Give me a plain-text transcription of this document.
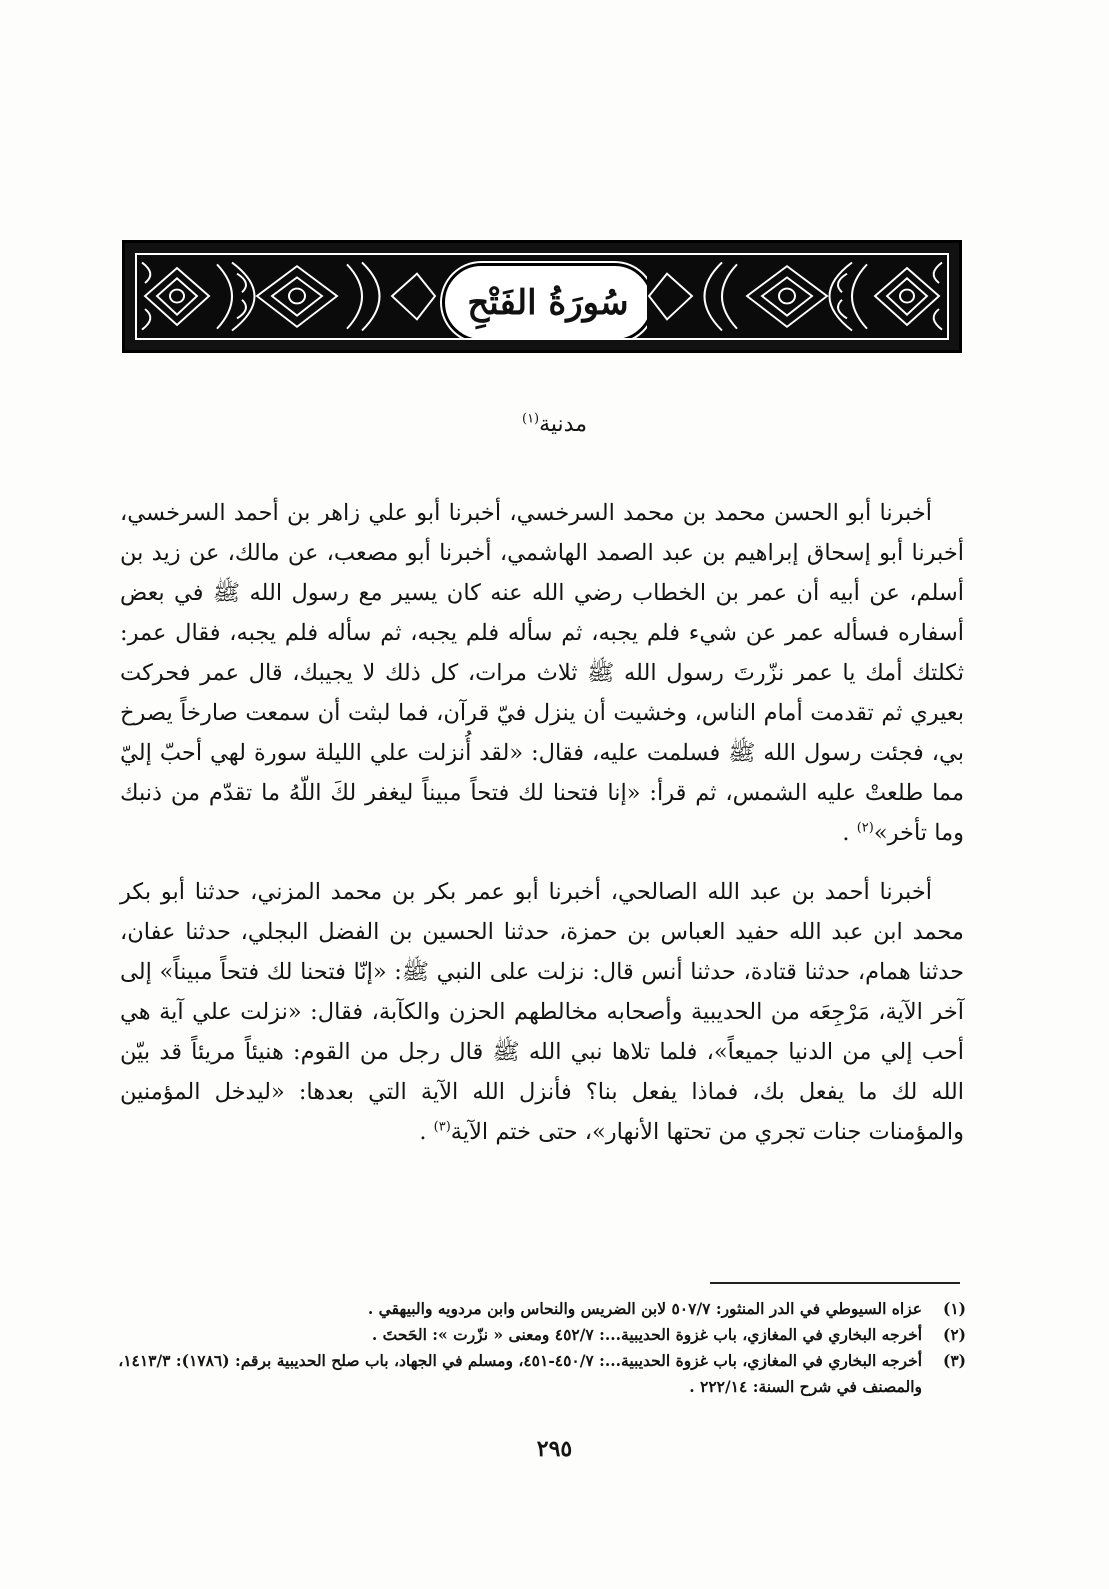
سُورَةُ الفَتْحِ
مدنية$^{(١)}$

أخبرنا أبو الحسن محمد بن محمد السرخسي، أخبرنا أبو علي زاهر بن أحمد السرخسي، أخبرنا أبو إسحاق إبراهيم بن عبد الصمد الهاشمي، أخبرنا أبو مصعب، عن مالك، عن زيد بن أسلم، عن أبيه أن عمر بن الخطاب رضي الله عنه كان يسير مع رسول الله ﷺ في بعض أسفاره فسأله عمر عن شيء فلم يجبه، ثم سأله فلم يجبه، ثم سأله فلم يجبه، فقال عمر: ثكلتك أمك يا عمر نزّرتَ رسول الله ﷺ ثلاث مرات، كل ذلك لا يجيبك، قال عمر فحركت بعيري ثم تقدمت أمام الناس، وخشيت أن ينزل فيّ قرآن، فما لبثت أن سمعت صارخاً يصرخ بي، فجئت رسول الله ﷺ فسلمت عليه، فقال: «لقد أُنزلت علي الليلة سورة لهي أحبّ إليّ مما طلعتْ عليه الشمس، ثم قرأ: «إنا فتحنا لك فتحاً مبيناً ليغفر لكَ اللّهُ ما تقدّم من ذنبك وما تأخر»$^{(٢)}$ .

أخبرنا أحمد بن عبد الله الصالحي، أخبرنا أبو عمر بكر بن محمد المزني، حدثنا أبو بكر محمد ابن عبد الله حفيد العباس بن حمزة، حدثنا الحسين بن الفضل البجلي، حدثنا عفان، حدثنا همام، حدثنا قتادة، حدثنا أنس قال: نزلت على النبي ﷺ: «إنّا فتحنا لك فتحاً مبيناً» إلى آخر الآية، مَرْجِعَه من الحديبية وأصحابه مخالطهم الحزن والكآبة، فقال: «نزلت علي آية هي أحب إلي من الدنيا جميعاً»، فلما تلاها نبي الله ﷺ قال رجل من القوم: هنيئاً مريئاً قد بيّن الله لك ما يفعل بك، فماذا يفعل بنا؟ فأنزل الله الآية التي بعدها: «ليدخل المؤمنين والمؤمنات جنات تجري من تحتها الأنهار»، حتى ختم الآية$^{(٣)}$ .

(١)
عزاه السيوطي في الدر المنثور: ٥٠٧/٧ لابن الضريس والنحاس وابن مردويه والبيهقي .
(٢)
أخرجه البخاري في المغازي، باب غزوة الحديبية...: ٤٥٢/٧ ومعنى « نزّرت »: الحَحتَ .
(٣)
أخرجه البخاري في المغازي، باب غزوة الحديبية...: ٤٥٠/٧-٤٥١، ومسلم في الجهاد، باب صلح الحديبية برقم: (١٧٨٦): ١٤١٣/٣، والمصنف في شرح السنة: ٢٢٢/١٤ .
٢٩٥
